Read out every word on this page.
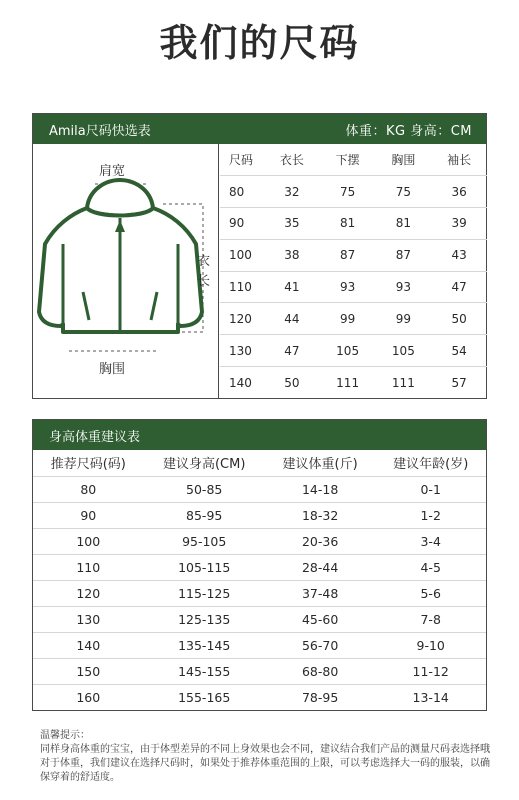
我们的尺码
Amila尺码快选表	体重：KG 身高：CM
肩宽
衣
长
胸围
尺码	衣长	下摆	胸围	袖长
80	32	75	75	36
90	35	81	81	39
100	38	87	87	43
110	41	93	93	47
120	44	99	99	50
130	47	105	105	54
140	50	111	111	57
身高体重建议表
推荐尺码(码)	建议身高(CM)	建议体重(斤)	建议年龄(岁)
80	50-85	14-18	0-1
90	85-95	18-32	1-2
100	95-105	20-36	3-4
110	105-115	28-44	4-5
120	115-125	37-48	5-6
130	125-135	45-60	7-8
140	135-145	56-70	9-10
150	145-155	68-80	11-12
160	155-165	78-95	13-14
温馨提示：
同样身高体重的宝宝，由于体型差异的不同上身效果也会不同，建议结合我们产品的测量尺码表选择哦
对于体重，我们建议在选择尺码时，如果处于推荐体重范围的上限，可以考虑选择大一码的服装，以确
保穿着的舒适度。
